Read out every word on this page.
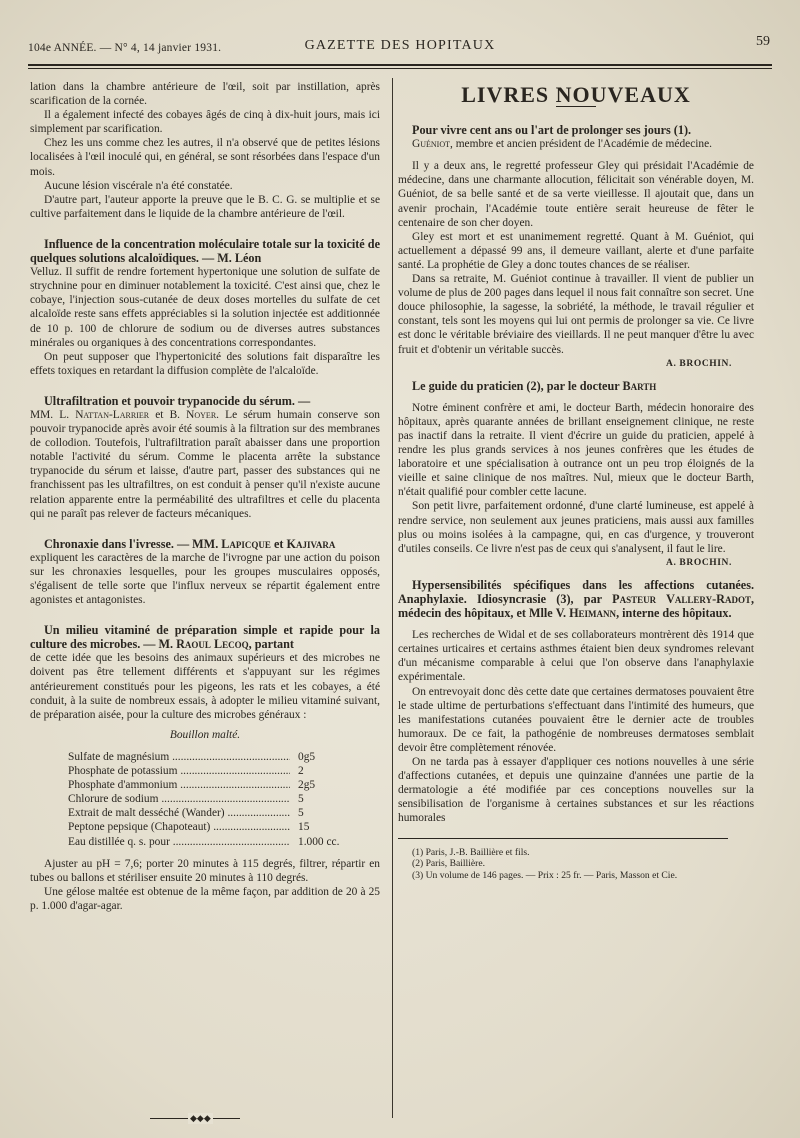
104e ANNÉE. — N° 4, 14 janvier 1931.	GAZETTE DES HOPITAUX	59

lation dans la chambre antérieure de l'œil, soit par instillation, après scarification de la cornée.

Il a également infecté des cobayes âgés de cinq à dix-huit jours, mais ici simplement par scarification.

Chez les uns comme chez les autres, il n'a observé que de petites lésions localisées à l'œil inoculé qui, en général, se sont résorbées dans l'espace d'un mois.

Aucune lésion viscérale n'a été constatée.

D'autre part, l'auteur apporte la preuve que le B. C. G. se multiplie et se cultive parfaitement dans le liquide de la chambre antérieure de l'œil.

Influence de la concentration moléculaire totale sur la toxicité de quelques solutions alcaloïdiques. — M. Léon

Velluz. Il suffit de rendre fortement hypertonique une solution de sulfate de strychnine pour en diminuer notablement la toxicité. C'est ainsi que, chez le cobaye, l'injection sous-cutanée de deux doses mortelles du sulfate de cet alcaloïde reste sans effets appréciables si la solution injectée est additionnée de 10 p. 100 de chlorure de sodium ou de diverses autres substances minérales ou organiques à des concentrations correspondantes.

On peut supposer que l'hypertonicité des solutions fait disparaître les effets toxiques en retardant la diffusion complète de l'alcaloïde.

Ultrafiltration et pouvoir trypanocide du sérum. —

MM. L. Nattan-Larrier et B. Noyer. Le sérum humain conserve son pouvoir trypanocide après avoir été soumis à la filtration sur des membranes de collodion. Toutefois, l'ultrafiltration paraît abaisser dans une proportion notable l'activité du sérum. Comme le placenta arrête la substance trypanocide du sérum et laisse, d'autre part, passer des substances qui ne franchissent pas les ultrafiltres, on est conduit à penser qu'il n'existe aucune relation apparente entre la perméabilité des ultrafiltres et celle du placenta qui ne paraît pas relever de facteurs mécaniques.

Chronaxie dans l'ivresse. — MM. Lapicque et Kajivara

expliquent les caractères de la marche de l'ivrogne par une action du poison sur les chronaxies lesquelles, pour les groupes musculaires opposés, s'égalisent de telle sorte que l'influx nerveux se répartit également entre agonistes et antagonistes.

Un milieu vitaminé de préparation simple et rapide pour la culture des microbes. — M. Raoul Lecoq, partant

de cette idée que les besoins des animaux supérieurs et des microbes ne doivent pas être tellement différents et s'appuyant sur les régimes antérieurement constitués pour les pigeons, les rats et les cobayes, a été conduit, à la suite de nombreux essais, à adopter le milieu vitaminé suivant, de préparation aisée, pour la culture des microbes généraux :

Bouillon malté.
Sulfate de magnésium .....	0g5
Phosphate de potassium .....	2
Phosphate d'ammonium .....	2g5
Chlorure de sodium .....	5
Extrait de malt desséché (Wander) .....	5
Peptone pepsique (Chapoteaut) .....	15
Eau distillée q. s. pour .....	1.000 cc.

Ajuster au pH = 7,6; porter 20 minutes à 115 degrés, filtrer, répartir en tubes ou ballons et stériliser ensuite 20 minutes à 110 degrés.

Une gélose maltée est obtenue de la même façon, par addition de 20 à 25 p. 1.000 d'agar-agar.

◆◆◆
LIVRES NOUVEAUX
Pour vivre cent ans ou l'art de prolonger ses jours (1).

Guéniot, membre et ancien président de l'Académie de médecine.

Il y a deux ans, le regretté professeur Gley qui présidait l'Académie de médecine, dans une charmante allocution, félicitait son vénérable doyen, M. Guéniot, de sa belle santé et de sa verte vieillesse. Il ajoutait que, dans un avenir prochain, l'Académie toute entière serait heureuse de fêter le centenaire de son cher doyen.

Gley est mort et est unanimement regretté. Quant à M. Guéniot, qui actuellement a dépassé 99 ans, il demeure vaillant, alerte et d'une parfaite santé. La prophétie de Gley a donc toutes chances de se réaliser.

Dans sa retraite, M. Guéniot continue à travailler. Il vient de publier un volume de plus de 200 pages dans lequel il nous fait connaître son secret. Une douce philosophie, la sagesse, la sobriété, la méthode, le travail régulier et constant, tels sont les moyens qui lui ont permis de prolonger sa vie. Ce livre est donc le véritable bréviaire des vieillards. Il ne peut manquer d'être lu avec fruit et d'obtenir un véritable succès.

A. BROCHIN.
Le guide du praticien (2), par le docteur Barth

Notre éminent confrère et ami, le docteur Barth, médecin honoraire des hôpitaux, après quarante années de brillant enseignement clinique, ne reste pas inactif dans la retraite. Il vient d'écrire un guide du praticien, appelé à rendre les plus grands services à nos jeunes confrères que les études de laboratoire et une spécialisation à outrance ont un peu trop éloignés de la vieille et saine clinique de nos maîtres. Nul, mieux que le docteur Barth, n'était qualifié pour combler cette lacune.

Son petit livre, parfaitement ordonné, d'une clarté lumineuse, est appelé à rendre service, non seulement aux jeunes praticiens, mais aussi aux familles plus ou moins isolées à la campagne, qui, en cas d'urgence, y trouveront d'utiles conseils. Ce livre n'est pas de ceux qui s'analysent, il faut le lire.

A. BROCHIN.
Hypersensibilités spécifiques dans les affections cutanées. Anaphylaxie. Idiosyncrasie (3), par Pasteur Vallery-Radot, médecin des hôpitaux, et Mlle V. Heimann, interne des hôpitaux.

Les recherches de Widal et de ses collaborateurs montrèrent dès 1914 que certaines urticaires et certains asthmes étaient bien deux syndromes relevant d'un mécanisme comparable à celui que l'on observe dans l'anaphylaxie expérimentale.

On entrevoyait donc dès cette date que certaines dermatoses pouvaient être le stade ultime de perturbations s'effectuant dans l'intimité des humeurs, que les manifestations cutanées pouvaient être le dernier acte de troubles humoraux. De ce fait, la pathogénie de nombreuses dermatoses semblait devoir être complètement rénovée.

On ne tarda pas à essayer d'appliquer ces notions nouvelles à une série d'affections cutanées, et depuis une quinzaine d'années une partie de la dermatologie a été modifiée par ces conceptions nouvelles sur la sensibilisation de l'organisme à certaines substances et sur les réactions humorales

(1) Paris, J.-B. Baillière et fils.
(2) Paris, Baillière.
(3) Un volume de 146 pages. — Prix : 25 fr. — Paris, Masson et Cie.
